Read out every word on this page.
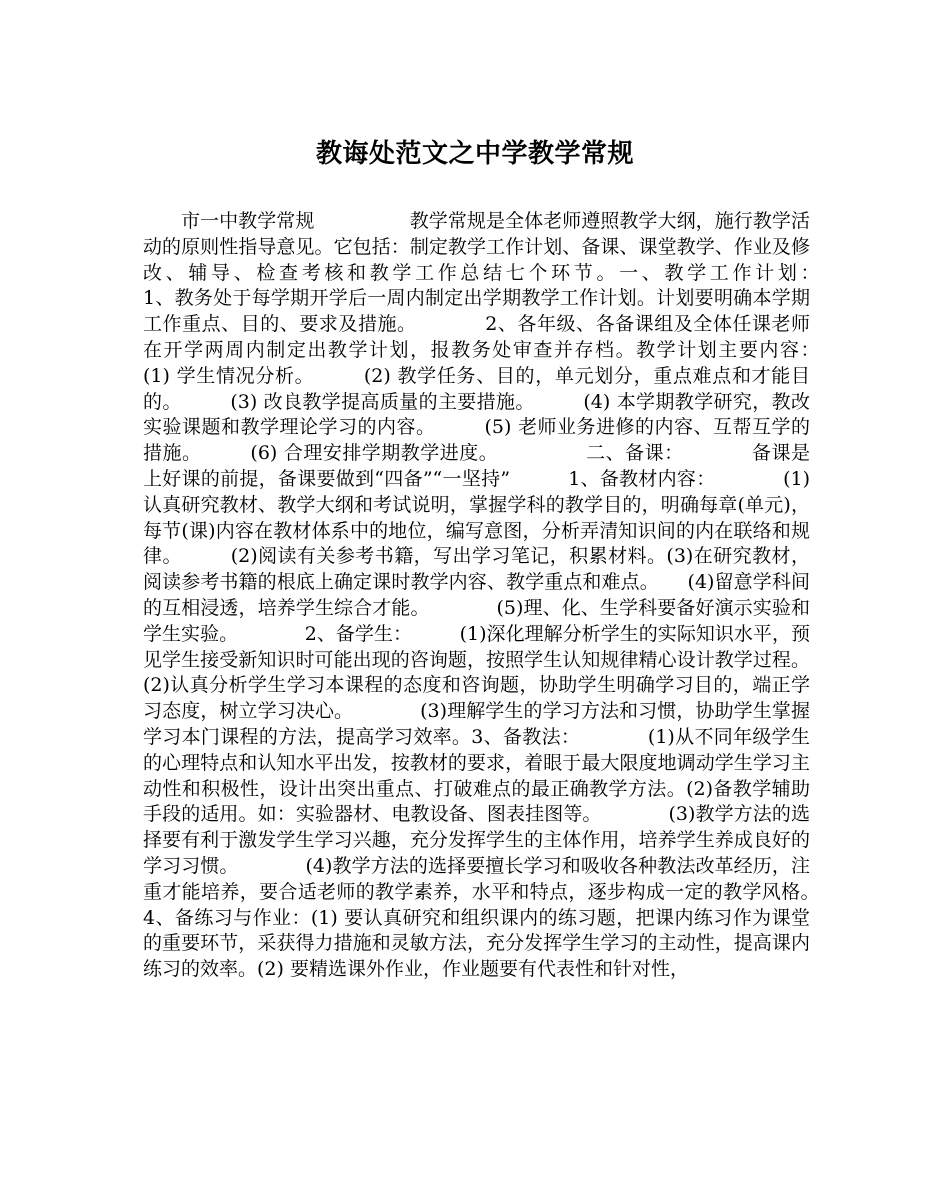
教诲处范文之中学教学常规

市一中教学常规　　　　　教学常规是全体老师遵照教学大纲，施行教学活动的原则性指导意见。它包括：制定教学工作计划、备课、课堂教学、作业及修改、辅导、检查考核和教学工作总结七个环节。一、教学工作计划：　　　　1、教务处于每学期开学后一周内制定出学期教学工作计划。计划要明确本学期工作重点、目的、要求及措施。　　　　2、各年级、各备课组及全体任课老师在开学两周内制定出教学计划，报教务处审查并存档。教学计划主要内容：　　　(1) 学生情况分析。　　　(2) 教学任务、目的，单元划分，重点难点和才能目的。　　　(3) 改良教学提高质量的主要措施。　　　(4) 本学期教学研究，教改实验课题和教学理论学习的内容。　　　(5) 老师业务进修的内容、互帮互学的措施。　　　(6) 合理安排学期教学进度。　　　　　二、备课：　　　　备课是上好课的前提，备课要做到“四备”“一坚持”　　　1、备教材内容：　　　　(1)认真研究教材、教学大纲和考试说明，掌握学科的教学目的，明确每章(单元)，每节(课)内容在教材体系中的地位，编写意图，分析弄清知识间的内在联络和规律。　　　(2)阅读有关参考书籍，写出学习笔记，积累材料。(3)在研究教材，阅读参考书籍的根底上确定课时教学内容、教学重点和难点。　　(4)留意学科间的互相浸透，培养学生综合才能。　　　　(5)理、化、生学科要备好演示实验和学生实验。　　　　2、备学生：　　　(1)深化理解分析学生的实际知识水平，预见学生接受新知识时可能出现的咨询题，按照学生认知规律精心设计教学过程。(2)认真分析学生学习本课程的态度和咨询题，协助学生明确学习目的，端正学习态度，树立学习决心。　　　　(3)理解学生的学习方法和习惯，协助学生掌握学习本门课程的方法，提高学习效率。3、备教法：　　　　(1)从不同年级学生的心理特点和认知水平出发，按教材的要求，着眼于最大限度地调动学生学习主动性和积极性，设计出突出重点、打破难点的最正确教学方法。(2)备教学辅助手段的适用。如：实验器材、电教设备、图表挂图等。　　　　(3)教学方法的选择要有利于激发学生学习兴趣，充分发挥学生的主体作用，培养学生养成良好的学习习惯。　　　　(4)教学方法的选择要擅长学习和吸收各种教法改革经历，注重才能培养，要合适老师的教学素养，水平和特点，逐步构成一定的教学风格。　　　　　4、备练习与作业：(1) 要认真研究和组织课内的练习题，把课内练习作为课堂的重要环节，采获得力措施和灵敏方法，充分发挥学生学习的主动性，提高课内练习的效率。(2) 要精选课外作业，作业题要有代表性和针对性，
